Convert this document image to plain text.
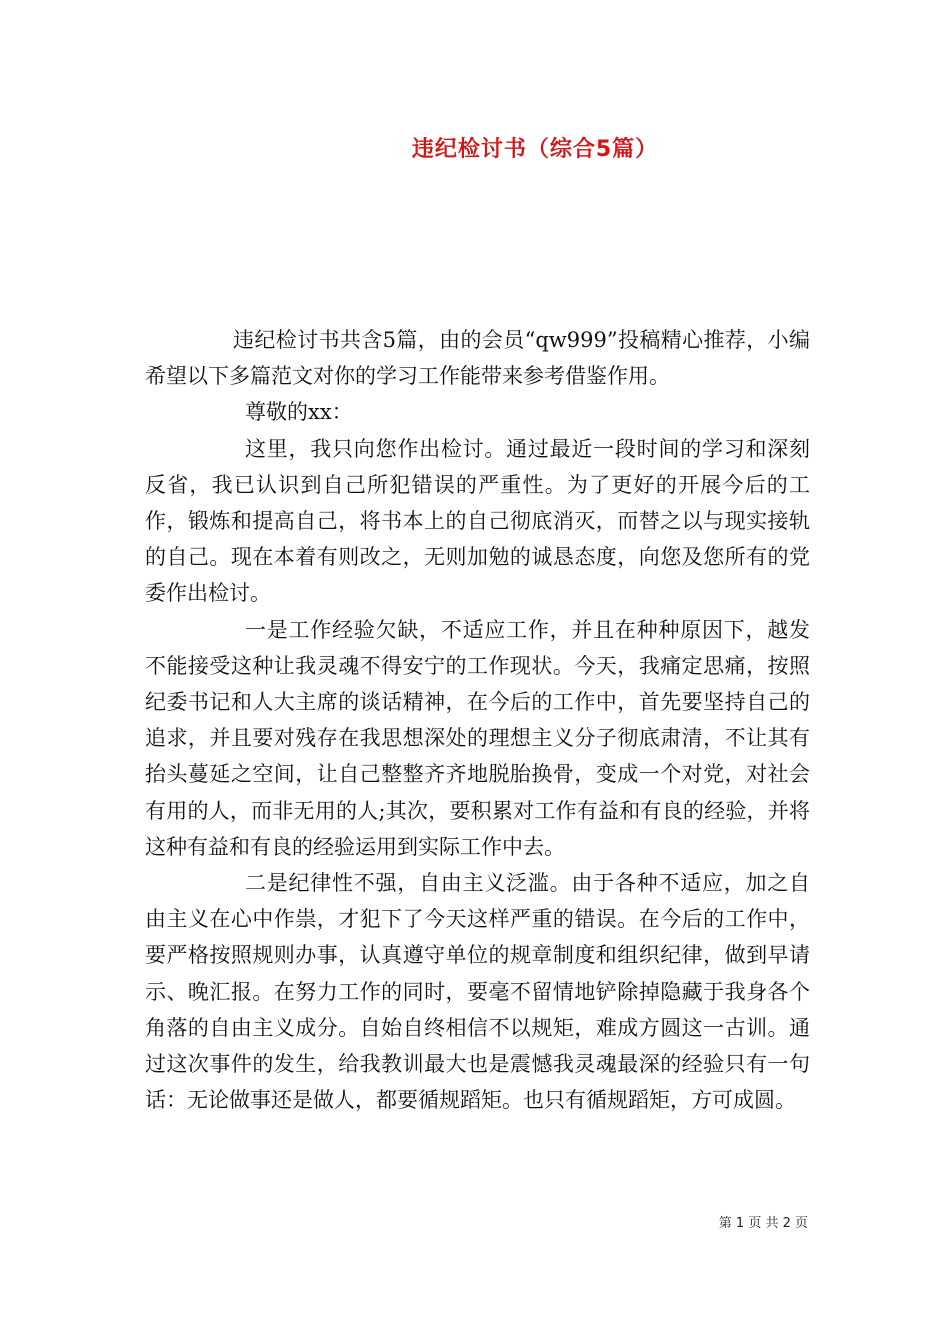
违纪检讨书（综合5篇）

违纪检讨书共含5篇，由的会员“qw999”投稿精心推荐，小编希望以下多篇范文对你的学习工作能带来参考借鉴作用。

尊敬的xx：

这里，我只向您作出检讨。通过最近一段时间的学习和深刻反省，我已认识到自己所犯错误的严重性。为了更好的开展今后的工作，锻炼和提高自己，将书本上的自己彻底消灭，而替之以与现实接轨的自己。现在本着有则改之，无则加勉的诚恳态度，向您及您所有的党委作出检讨。

一是工作经验欠缺，不适应工作，并且在种种原因下，越发不能接受这种让我灵魂不得安宁的工作现状。今天，我痛定思痛，按照纪委书记和人大主席的谈话精神，在今后的工作中，首先要坚持自己的追求，并且要对残存在我思想深处的理想主义分子彻底肃清，不让其有抬头蔓延之空间，让自己整整齐齐地脱胎换骨，变成一个对党，对社会有用的人，而非无用的人;其次，要积累对工作有益和有良的经验，并将这种有益和有良的经验运用到实际工作中去。

二是纪律性不强，自由主义泛滥。由于各种不适应，加之自由主义在心中作祟，才犯下了今天这样严重的错误。在今后的工作中，要严格按照规则办事，认真遵守单位的规章制度和组织纪律，做到早请示、晚汇报。在努力工作的同时，要毫不留情地铲除掉隐藏于我身各个角落的自由主义成分。自始自终相信不以规矩，难成方圆这一古训。通过这次事件的发生，给我教训最大也是震憾我灵魂最深的经验只有一句话：无论做事还是做人，都要循规蹈矩。也只有循规蹈矩，方可成圆。

第 1 页 共 2 页
